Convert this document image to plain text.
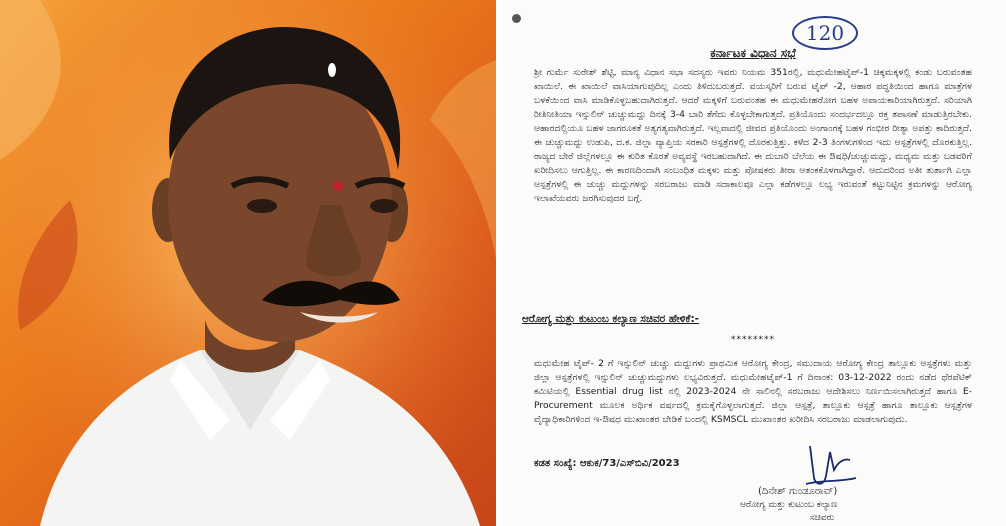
120
ಕರ್ನಾಟಕ ವಿಧಾನ ಸಭೆ
ಶ್ರೀ ಗುರ್ಮೆ ಸುರೇಶ್ ಶೆಟ್ಟಿ, ಮಾನ್ಯ ವಿಧಾನ ಸಭಾ ಸದಸ್ಯರು ಇವರು ನಿಯಮ 351ರಲ್ಲಿ, ಮಧುಮೇಹಟೈಪ್-1 ಚಿಕ್ಕಮಕ್ಕಳಲ್ಲಿ ಕಂಡು ಬರುವಂತಹ ಖಾಯಿಲೆ. ಈ ಖಾಯಿಲೆ ವಾಸಿಯಾಗುವುದಿಲ್ಲ ಎಂದು ತಿಳಿದುಬರುತ್ತದೆ. ವಯಸ್ಕರಿಗೆ ಬರುವ ಟೈಪ್ -2, ಆಹಾರ ಪದ್ಧತಿಯಿಂದ ಹಾಗೂ ಮಾತ್ರೆಗಳ ಬಳಕೆಯಿಂದ ವಾಸಿ ಮಾಡಿಕೊಳ್ಳಬಹುದಾಗಿರುತ್ತದೆ. ಆದರೆ ಮಕ್ಕಳಿಗೆ ಬರುವಂತಹ ಈ ಮಧುಮೇಹರೋಗ ಬಹಳ ಅಪಾಯಕಾರಿಯಾಗಿರುತ್ತದೆ. ಸರಿಯಾಗಿ ರೀತಿನೀತಿಯಾ ಇನ್ಸುಲಿನ್ ಚುಚ್ಚುಮದ್ದು ದಿನಕ್ಕೆ 3-4 ಬಾರಿ ತೆಗೆದು ಕೊಳ್ಳಬೇಕಾಗುತ್ತದೆ. ಪ್ರತಿಯೊಂದು ಸಂದರ್ಭದಲ್ಲೂ ರಕ್ತ ತಪಾಸಣೆ ಮಾಡುತ್ತಿರಬೇಕು. ಆಹಾರದಲ್ಲಿಯೂ ಬಹಳ ಜಾಗರೂಕತೆ ಅತ್ಯಗತ್ಯವಾಗಿರುತ್ತದೆ. ಇಲ್ಲವಾದಲ್ಲಿ ಜೀವದ ಪ್ರತಿಯೊಂದು ಅಂಗಾಂಗಕ್ಕೆ ಬಹಳ ಗಂಭೀರ ರೀತ್ಯಾ ಅಪತ್ತು ಕಾದಿರುತ್ತದೆ. ಈ ಚುಚ್ಚುಮದ್ದು ಉಡುಪಿ, ದ.ಕ. ಜಿಲ್ಲಾ ವ್ಯಾಪ್ತಿಯ ಸರಕಾರಿ ಆಸ್ಪತ್ರೆಗಳಲ್ಲಿ ದೊರಕುತ್ತಿತ್ತು. ಕಳೆದ 2-3 ತಿಂಗಳುಗಳಿಂದ ಇದು ಆಸ್ಪತ್ರೆಗಳಲ್ಲಿ ದೊರಕುತ್ತಿಲ್ಲ. ರಾಜ್ಯದ ಬೇರೆ ಜಿಲ್ಲೆಗಳಲ್ಲೂ ಈ ಕುರಿತ ಕೊರತೆ ಅವ್ಯವಸ್ಥೆ ಇರಬಹುದಾಗಿದೆ. ಈ ದುಬಾರಿ ಬೆಲೆಯ ಈ ಔಷಧಿ/ಚುಚ್ಚುಮದ್ದು, ಮಧ್ಯಮ ಮತ್ತು ಬಡವರಿಗೆ ಖರೀದಿಸಲು ಆಗುತ್ತಿಲ್ಲ. ಈ ಕಾರಣದಿಂದಾಗಿ ಸಂಬಂಧಿತ ಮಕ್ಕಳು ಮತ್ತು ಪೋಷಕರು ತೀರಾ ಆತಂಕಕೊಳಗಾಗಿದ್ದಾರೆ. ಆದುದರಿಂದ ಅತೀ ತುರ್ತಾಗಿ ಎಲ್ಲಾ ಆಸ್ಪತ್ರೆಗಳಲ್ಲಿ ಈ ಚುಚ್ಚು ಮದ್ದುಗಳನ್ನು ಸರಬರಾಜು ಮಾಡಿ ಸದಾಕಾಲವೂ ಎಲ್ಲಾ ಕಡೆಗಳಲ್ಲೂ ಲಭ್ಯ ಇರುವಂತೆ ಕಟ್ಟುನಿಟ್ಟಿನ ಕ್ರಮಗಳನ್ನು ಆರೋಗ್ಯ ಇಲಾಖೆಯವರು ಜರಗಿಸುವುದರ ಬಗ್ಗೆ.
ಆರೋಗ್ಯ ಮತ್ತು ಕುಟುಂಬ ಕಲ್ಯಾಣ ಸಚಿವರ ಹೇಳಿಕೆ:-
********
ಮಧುಮೇಹ ಟೈಪ್- 2 ಗೆ ಇನ್ಸುಲಿನ್ ಚುಚ್ಚು ಮದ್ದುಗಳು ಪ್ರಾಥಮಿಕ ಆರೋಗ್ಯ ಕೇಂದ್ರ, ಸಮುದಾಯ ಆರೋಗ್ಯ ಕೇಂದ್ರ ತಾಲ್ಲೂಕು ಆಸ್ಪತ್ರೆಗಳು ಮತ್ತು ಜಿಲ್ಲಾ ಆಸ್ಪತ್ರೆಗಳಲ್ಲಿ ಇನ್ಸುಲಿನ್ ಚುಚ್ಚುಮದ್ದುಗಳು ಲಭ್ಯವಿರುತ್ತದೆ. ಮಧುಮೇಹಟೈಪ್-1 ಗೆ ದಿನಾಂಕ: 03-12-2022 ರಂದು ನಡೆದ ಥೆರಪೆಟಿಕ್ ಕಮಿಟಿಯಲ್ಲಿ Essential drug list ನಲ್ಲಿ 2023-2024 ನೇ ಸಾಲಿನಲ್ಲಿ ಸರಬರಾಜು ಆದೇಶಿಸಲು ನಿರ್ಣಯಿಸಲಾಗಿರುತ್ತದೆ ಹಾಗೂ E-Procurement ಮೂಲಕ ಅರ್ಥಿಕ ವರ್ಷದಲ್ಲಿ ಕ್ರಮಕೈಗೊಳ್ಳಲಾಗುತ್ತದೆ. ಜಿಲ್ಲಾ ಆಸ್ಪತ್ರೆ, ತಾಲ್ಲೂಕು ಆಸ್ಪತ್ರೆ ಹಾಗೂ ತಾಲ್ಲೂಕು ಆಸ್ಪತ್ರೆಗಳ ವೈದ್ಯಾಧಿಕಾರಿಗಳಿಂದ ಇ-ಔಷಧ ಮುಖಾಂತರ ಬೇಡಿಕೆ ಬಂದಲ್ಲಿ KSMSCL ಮುಖಾಂತರ ಖರೀದಿಸಿ ಸರಬರಾಜು ಮಾಡಲಾಗುವುದು.
ಕಡತ ಸಂಖ್ಯೆ: ಆಕುಕ/73/ಎಸ್‌ಬಿವಿ/2023
(ದಿನೇಶ್ ಗುಂಡೂರಾವ್)
ಆರೋಗ್ಯ ಮತ್ತು ಕುಟುಂಬ ಕಲ್ಯಾಣ
ಸಚಿವರು
